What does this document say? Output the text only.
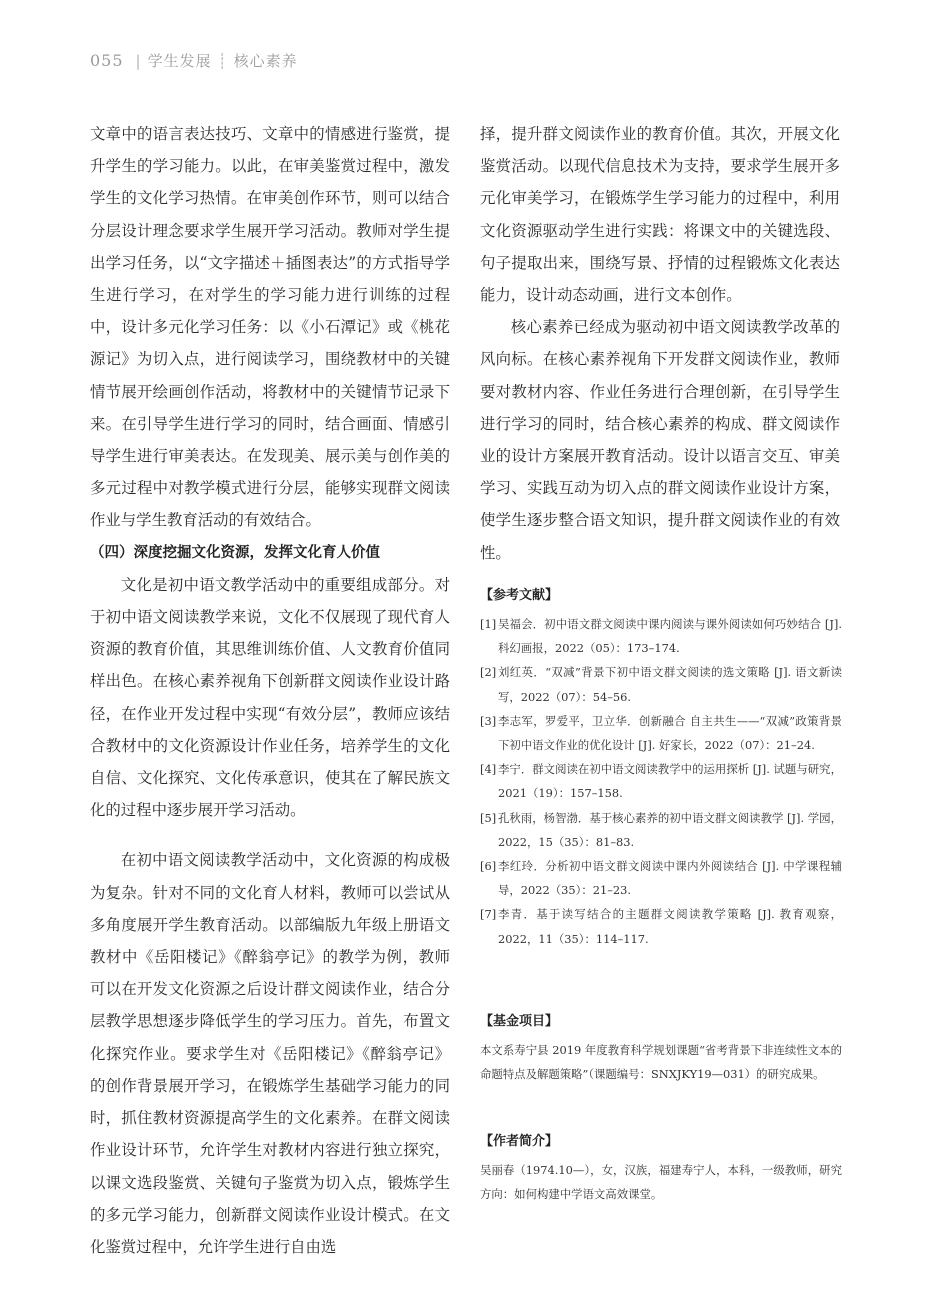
055 | 学生发展 ┊ 核心素养

文章中的语言表达技巧、文章中的情感进行鉴赏，提升学生的学习能力。以此，在审美鉴赏过程中，激发学生的文化学习热情。在审美创作环节，则可以结合分层设计理念要求学生展开学习活动。教师对学生提出学习任务，以“文字描述＋插图表达”的方式指导学生进行学习，在对学生的学习能力进行训练的过程中，设计多元化学习任务：以《小石潭记》或《桃花源记》为切入点，进行阅读学习，围绕教材中的关键情节展开绘画创作活动，将教材中的关键情节记录下来。在引导学生进行学习的同时，结合画面、情感引导学生进行审美表达。在发现美、展示美与创作美的多元过程中对教学模式进行分层，能够实现群文阅读作业与学生教育活动的有效结合。

（四）深度挖掘文化资源，发挥文化育人价值

文化是初中语文教学活动中的重要组成部分。对于初中语文阅读教学来说，文化不仅展现了现代育人资源的教育价值，其思维训练价值、人文教育价值同样出色。在核心素养视角下创新群文阅读作业设计路径，在作业开发过程中实现“有效分层”，教师应该结合教材中的文化资源设计作业任务，培养学生的文化自信、文化探究、文化传承意识，使其在了解民族文化的过程中逐步展开学习活动。

在初中语文阅读教学活动中，文化资源的构成极为复杂。针对不同的文化育人材料，教师可以尝试从多角度展开学生教育活动。以部编版九年级上册语文教材中《岳阳楼记》《醉翁亭记》的教学为例，教师可以在开发文化资源之后设计群文阅读作业，结合分层教学思想逐步降低学生的学习压力。首先，布置文化探究作业。要求学生对《岳阳楼记》《醉翁亭记》的创作背景展开学习，在锻炼学生基础学习能力的同时，抓住教材资源提高学生的文化素养。在群文阅读作业设计环节，允许学生对教材内容进行独立探究，以课文选段鉴赏、关键句子鉴赏为切入点，锻炼学生的多元学习能力，创新群文阅读作业设计模式。在文化鉴赏过程中，允许学生进行自由选

择，提升群文阅读作业的教育价值。其次，开展文化鉴赏活动。以现代信息技术为支持，要求学生展开多元化审美学习，在锻炼学生学习能力的过程中，利用文化资源驱动学生进行实践：将课文中的关键选段、句子提取出来，围绕写景、抒情的过程锻炼文化表达能力，设计动态动画，进行文本创作。

核心素养已经成为驱动初中语文阅读教学改革的风向标。在核心素养视角下开发群文阅读作业，教师要对教材内容、作业任务进行合理创新，在引导学生进行学习的同时，结合核心素养的构成、群文阅读作业的设计方案展开教育活动。设计以语言交互、审美学习、实践互动为切入点的群文阅读作业设计方案，使学生逐步整合语文知识，提升群文阅读作业的有效性。

【参考文献】
[1] 吴福会．初中语文群文阅读中课内阅读与课外阅读如何巧妙结合 [J]. 科幻画报，2022（05）：173–174.
[2] 刘红英．“双减”背景下初中语文群文阅读的选文策略 [J]. 语文新读写，2022（07）：54–56.
[3] 李志军，罗爱平，卫立华．创新融合 自主共生——“双减”政策背景下初中语文作业的优化设计 [J]. 好家长，2022（07）：21–24.
[4] 李宁．群文阅读在初中语文阅读教学中的运用探析 [J]. 试题与研究，2021（19）：157–158.
[5] 孔秋雨，杨智渤．基于核心素养的初中语文群文阅读教学 [J]. 学园，2022，15（35）：81–83.
[6] 李红玲．分析初中语文群文阅读中课内外阅读结合 [J]. 中学课程辅导，2022（35）：21–23.
[7] 李青．基于读写结合的主题群文阅读教学策略 [J]. 教育观察，2022，11（35）：114–117.
【基金项目】
本文系寿宁县 2019 年度教育科学规划课题“省考背景下非连续性文本的命题特点及解题策略”（课题编号：SNXJKY19—031）的研究成果。
【作者简介】
吴丽春（1974.10—），女，汉族，福建寿宁人，本科，一级教师，研究方向：如何构建中学语文高效课堂。
